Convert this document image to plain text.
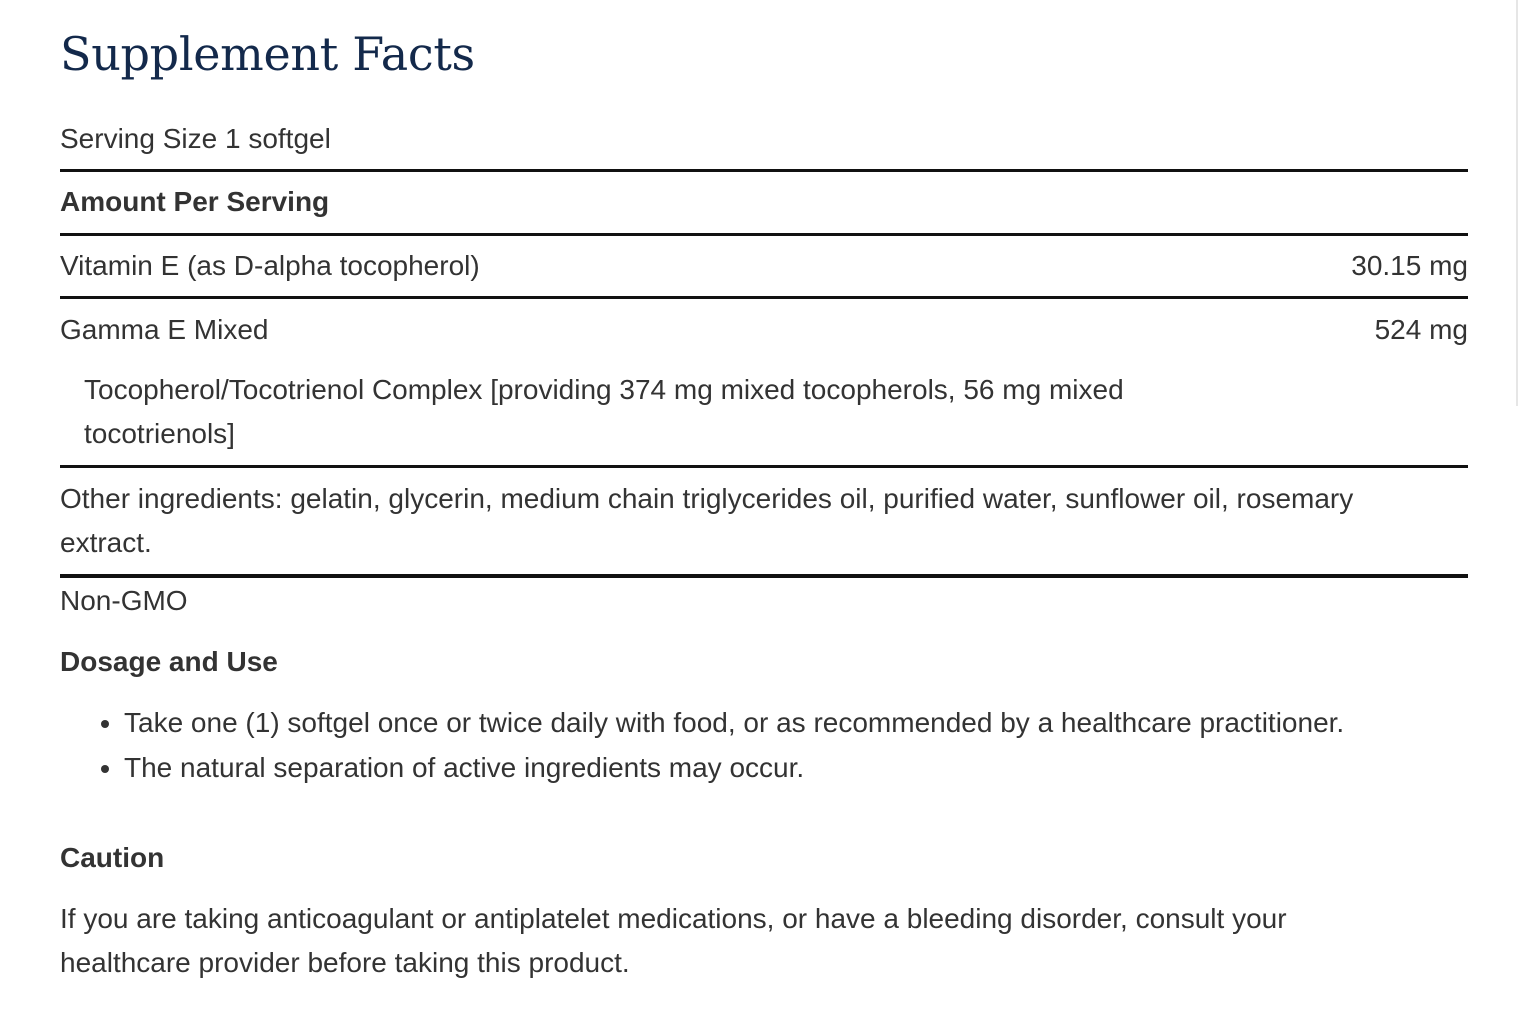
Supplement Facts
Serving Size 1 softgel
Amount Per Serving
Vitamin E (as D-alpha tocopherol)	30.15 mg
Gamma E Mixed	524 mg
Tocopherol/Tocotrienol Complex [providing 374 mg mixed tocopherols, 56 mg mixed tocotrienols]
Other ingredients: gelatin, glycerin, medium chain triglycerides oil, purified water, sunflower oil, rosemary extract.
Non-GMO
Dosage and Use
• Take one (1) softgel once or twice daily with food, or as recommended by a healthcare practitioner.
• The natural separation of active ingredients may occur.
Caution
If you are taking anticoagulant or antiplatelet medications, or have a bleeding disorder, consult your healthcare provider before taking this product.
